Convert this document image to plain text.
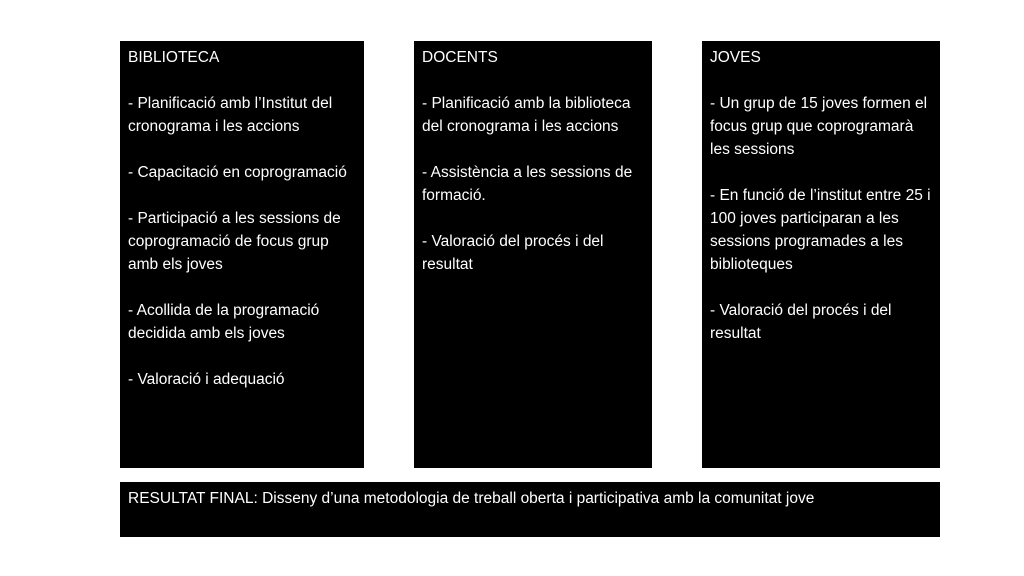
BIBLIOTECA
- Planificació amb l’Institut del cronograma i les accions
- Capacitació en coprogramació
- Participació a les sessions de coprogramació de focus grup amb els joves
- Acollida de la programació decidida amb els joves
- Valoració i adequació
DOCENTS
- Planificació amb la biblioteca del cronograma i les accions
- Assistència a les sessions de formació.
- Valoració del procés i del resultat
JOVES
- Un grup de 15 joves formen el focus grup que coprogramarà les sessions
- En funció de l’institut entre 25 i 100 joves participaran a les sessions programades a les biblioteques
- Valoració del procés i del resultat
RESULTAT FINAL: Disseny d’una metodologia de treball oberta i participativa amb la comunitat jove
